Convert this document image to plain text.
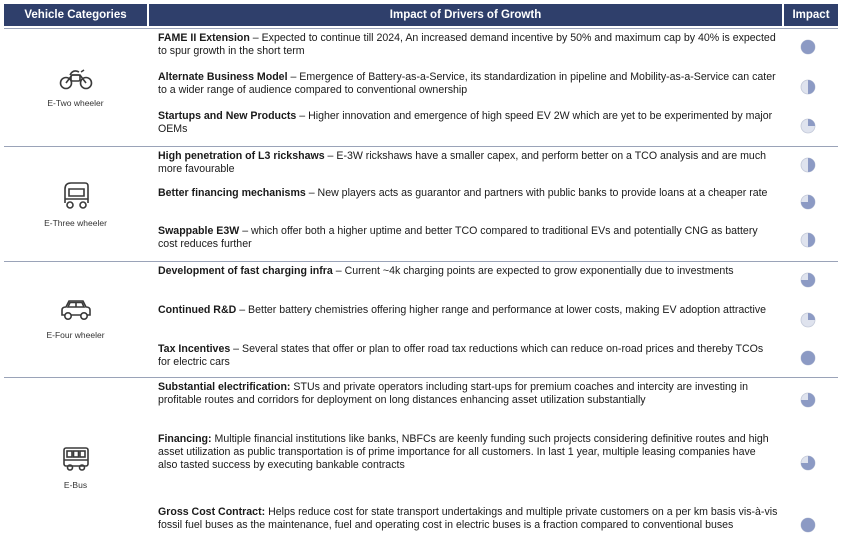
Vehicle Categories	Impact of Drivers of Growth	Impact
E-Two wheeler
FAME II Extension – Expected to continue till 2024, An increased demand incentive by 50% and maximum cap by 40% is expected to spur growth in the short term
Alternate Business Model – Emergence of Battery-as-a-Service, its standardization in pipeline and Mobility-as-a-Service can cater to a wider range of audience compared to conventional ownership
Startups and New Products – Higher innovation and emergence of high speed EV 2W which are yet to be experimented by major OEMs
E-Three wheeler
High penetration of L3 rickshaws – E-3W rickshaws have a smaller capex, and perform better on a TCO analysis and are much more favourable
Better financing mechanisms – New players acts as guarantor and partners with public banks to provide loans at a cheaper rate
Swappable E3W – which offer both a higher uptime and better TCO compared to traditional EVs and potentially CNG as battery cost reduces further
E-Four wheeler
Development of fast charging infra – Current ~4k charging points are expected to grow exponentially due to investments
Continued R&D – Better battery chemistries offering higher range and performance at lower costs, making EV adoption attractive
Tax Incentives – Several states that offer or plan to offer road tax reductions which can reduce on-road prices and thereby TCOs for electric cars
E-Bus
Substantial electrification: STUs and private operators including start-ups for premium coaches and intercity are investing in profitable routes and corridors for deployment on long distances enhancing asset utilization substantially
Financing: Multiple financial institutions like banks, NBFCs are keenly funding such projects considering definitive routes and high asset utilization as public transportation is of prime importance for all customers. In last 1 year, multiple leasing companies have also tasted success by executing bankable contracts
Gross Cost Contract: Helps reduce cost for state transport undertakings and multiple private customers on a per km basis vis-à-vis fossil fuel buses as the maintenance, fuel and operating cost in electric buses is a fraction compared to conventional buses
